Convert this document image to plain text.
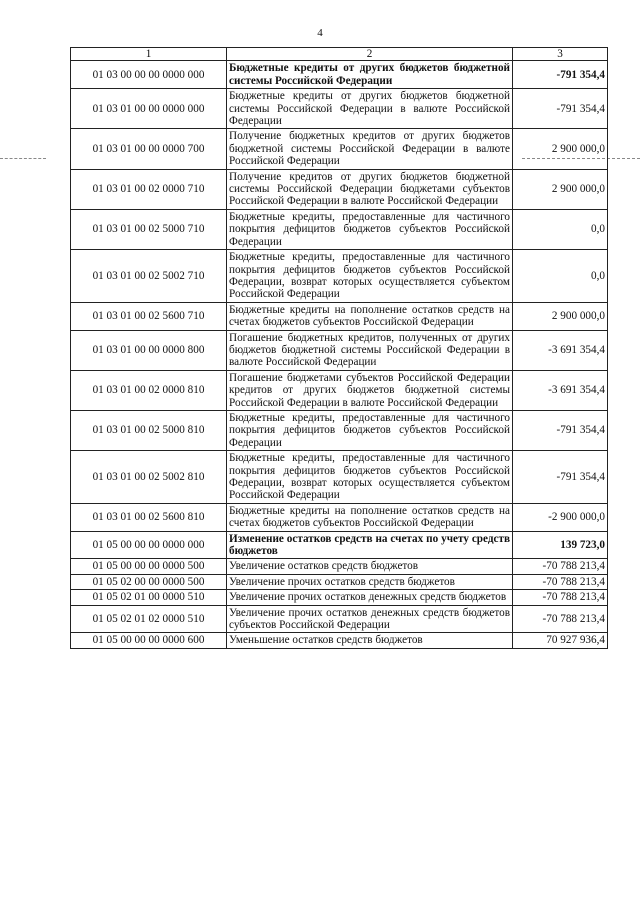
4
1	2	3
01 03 00 00 00 0000 000	Бюджетные кредиты от других бюджетов бюджетной системы Российской Федерации	-791 354,4
01 03 01 00 00 0000 000	Бюджетные кредиты от других бюджетов бюджетной системы Российской Федерации в валюте Российской Федерации	-791 354,4
01 03 01 00 00 0000 700	Получение бюджетных кредитов от других бюджетов бюджетной системы Российской Федерации в валюте Российской Федерации	2 900 000,0
01 03 01 00 02 0000 710	Получение кредитов от других бюджетов бюджетной системы Российской Федерации бюджетами субъектов Российской Федерации в валюте Российской Федерации	2 900 000,0
01 03 01 00 02 5000 710	Бюджетные кредиты, предоставленные для частичного покрытия дефицитов бюджетов субъектов Российской Федерации	0,0
01 03 01 00 02 5002 710	Бюджетные кредиты, предоставленные для частичного покрытия дефицитов бюджетов субъектов Российской Федерации, возврат которых осуществляется субъектом Российской Федерации	0,0
01 03 01 00 02 5600 710	Бюджетные кредиты на пополнение остатков средств на счетах бюджетов субъектов Российской Федерации	2 900 000,0
01 03 01 00 00 0000 800	Погашение бюджетных кредитов, полученных от других бюджетов бюджетной системы Российской Федерации в валюте Российской Федерации	-3 691 354,4
01 03 01 00 02 0000 810	Погашение бюджетами субъектов Российской Федерации кредитов от других бюджетов бюджетной системы Российской Федерации в валюте Российской Федерации	-3 691 354,4
01 03 01 00 02 5000 810	Бюджетные кредиты, предоставленные для частичного покрытия дефицитов бюджетов субъектов Российской Федерации	-791 354,4
01 03 01 00 02 5002 810	Бюджетные кредиты, предоставленные для частичного покрытия дефицитов бюджетов субъектов Российской Федерации, возврат которых осуществляется субъектом Российской Федерации	-791 354,4
01 03 01 00 02 5600 810	Бюджетные кредиты на пополнение остатков средств на счетах бюджетов субъектов Российской Федерации	-2 900 000,0
01 05 00 00 00 0000 000	Изменение остатков средств на счетах по учету средств бюджетов	139 723,0
01 05 00 00 00 0000 500	Увеличение остатков средств бюджетов	-70 788 213,4
01 05 02 00 00 0000 500	Увеличение прочих остатков средств бюджетов	-70 788 213,4
01 05 02 01 00 0000 510	Увеличение прочих остатков денежных средств бюджетов	-70 788 213,4
01 05 02 01 02 0000 510	Увеличение прочих остатков денежных средств бюджетов субъектов Российской Федерации	-70 788 213,4
01 05 00 00 00 0000 600	Уменьшение остатков средств бюджетов	70 927 936,4
